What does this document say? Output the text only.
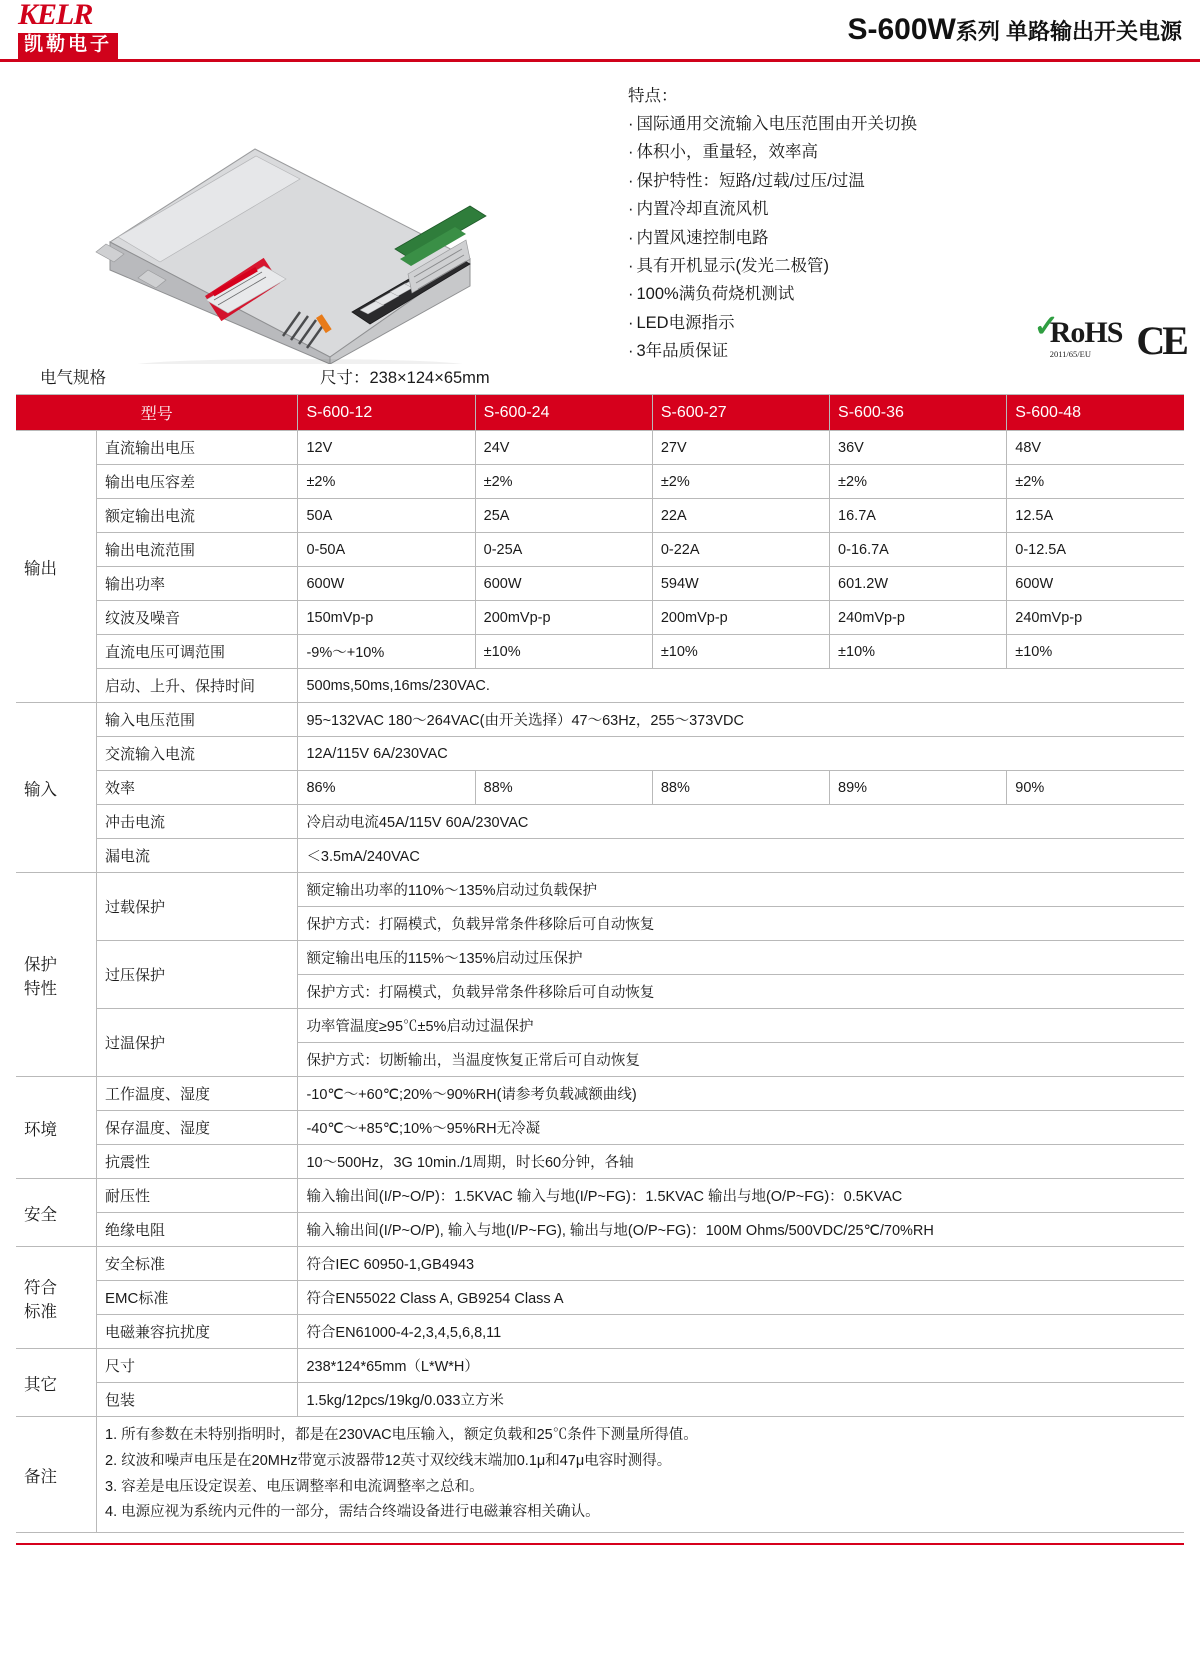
KELR
凯勒电子	S-600W系列 单路输出开关电源
特点：
· 国际通用交流输入电压范围由开关切换
· 体积小，重量轻，效率高
· 保护特性：短路/过载/过压/过温
· 内置冷却直流风机
· 内置风速控制电路
· 具有开机显示(发光二极管)
· 100%满负荷烧机测试
· LED电源指示
· 3年品质保证
✓
RoHS
2011/65/EU	CE
电气规格	尺寸：238×124×65mm
型号		S-600-12	S-600-24	S-600-27	S-600-36	S-600-48
输出	直流输出电压	12V	24V	27V	36V	48V
	输出电压容差	±2%	±2%	±2%	±2%	±2%
	额定输出电流	50A	25A	22A	16.7A	12.5A
	输出电流范围	0-50A	0-25A	0-22A	0-16.7A	0-12.5A
	输出功率	600W	600W	594W	601.2W	600W
	纹波及噪音	150mVp-p	200mVp-p	200mVp-p	240mVp-p	240mVp-p
	直流电压可调范围	-9%～+10%	±10%	±10%	±10%	±10%
	启动、上升、保持时间	500ms,50ms,16ms/230VAC.				
输入	输入电压范围	95~132VAC 180～264VAC(由开关选择）47～63Hz，255～373VDC				
	交流输入电流	12A/115V 6A/230VAC				
	效率	86%	88%	88%	89%	90%
	冲击电流	冷启动电流45A/115V 60A/230VAC				
	漏电流	＜3.5mA/240VAC				
保护
特性	过载保护	额定输出功率的110%～135%启动过负载保护				
		保护方式：打隔模式，负载异常条件移除后可自动恢复				
	过压保护	额定输出电压的115%～135%启动过压保护				
		保护方式：打隔模式，负载异常条件移除后可自动恢复				
	过温保护	功率管温度≥95℃±5%启动过温保护				
		保护方式：切断输出，当温度恢复正常后可自动恢复				
环境	工作温度、湿度	-10℃～+60℃;20%～90%RH(请参考负载减额曲线)				
	保存温度、湿度	-40℃～+85℃;10%～95%RH无冷凝				
	抗震性	10～500Hz，3G 10min./1周期，时长60分钟，各轴				
安全	耐压性	输入输出间(I/P~O/P)：1.5KVAC 输入与地(I/P~FG)：1.5KVAC 输出与地(O/P~FG)：0.5KVAC				
	绝缘电阻	输入输出间(I/P~O/P), 输入与地(I/P~FG), 输出与地(O/P~FG)：100M Ohms/500VDC/25℃/70%RH				
符合
标准	安全标准	符合IEC 60950-1,GB4943				
	EMC标准	符合EN55022 Class A, GB9254 Class A				
	电磁兼容抗扰度	符合EN61000-4-2,3,4,5,6,8,11				
其它	尺寸	238*124*65mm（L*W*H）				
	包装	1.5kg/12pcs/19kg/0.033立方米				
备注	1. 所有参数在未特别指明时，都是在230VAC电压输入，额定负载和25℃条件下测量所得值。
2. 纹波和噪声电压是在20MHz带宽示波器带12英寸双绞线末端加0.1μ和47μ电容时测得。
3. 容差是电压设定误差、电压调整率和电流调整率之总和。
4. 电源应视为系统内元件的一部分，需结合终端设备进行电磁兼容相关确认。					
